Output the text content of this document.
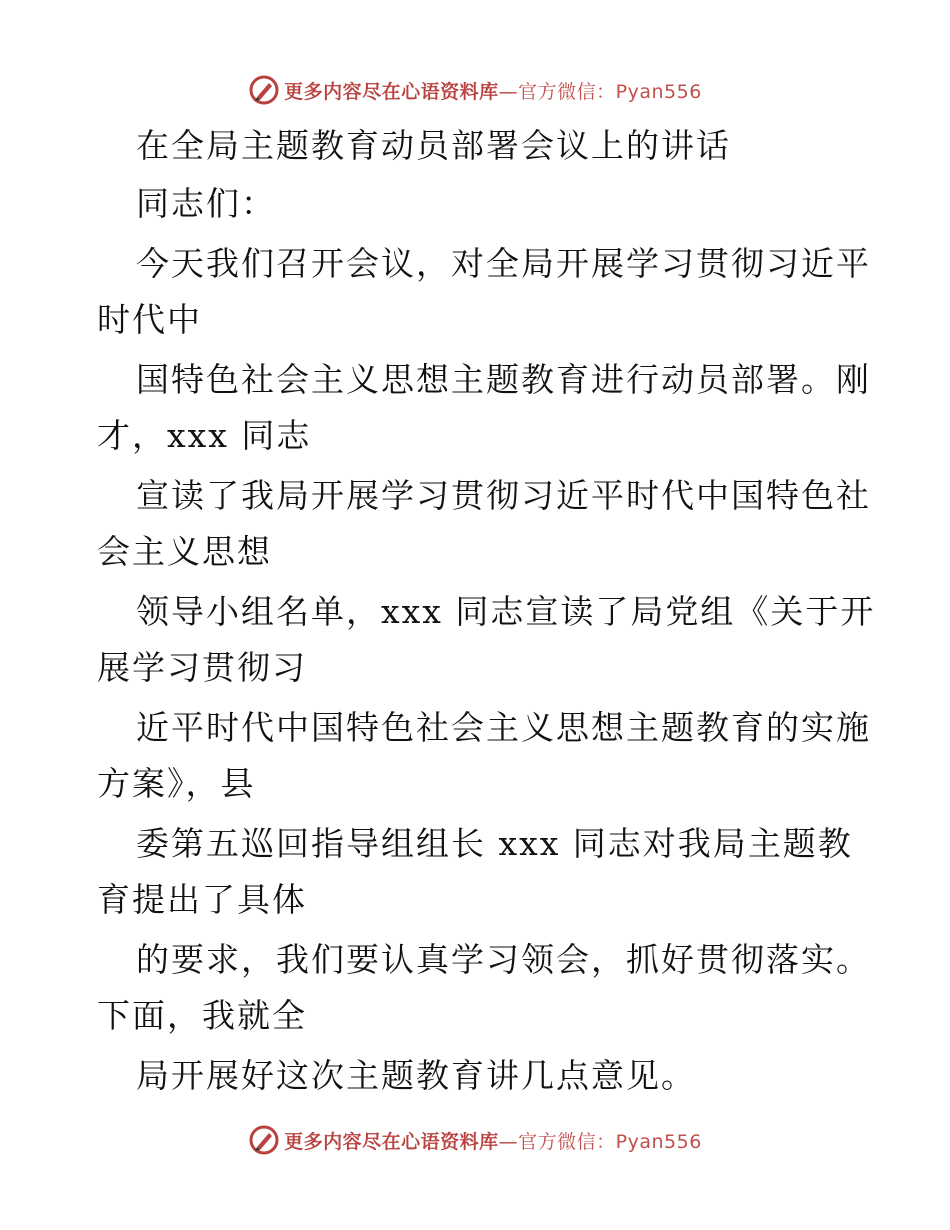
更多内容尽在心语资料库—官方微信：Pyan556
在全局主题教育动员部署会议上的讲话
同志们：
今天我们召开会议，对全局开展学习贯彻习近平
时代中
国特色社会主义思想主题教育进行动员部署。刚
才，xxx 同志
宣读了我局开展学习贯彻习近平时代中国特色社
会主义思想
领导小组名单，xxx 同志宣读了局党组《关于开
展学习贯彻习
近平时代中国特色社会主义思想主题教育的实施
方案》，县
委第五巡回指导组组长 xxx 同志对我局主题教
育提出了具体
的要求，我们要认真学习领会，抓好贯彻落实。
下面，我就全
局开展好这次主题教育讲几点意见。
更多内容尽在心语资料库—官方微信：Pyan556
